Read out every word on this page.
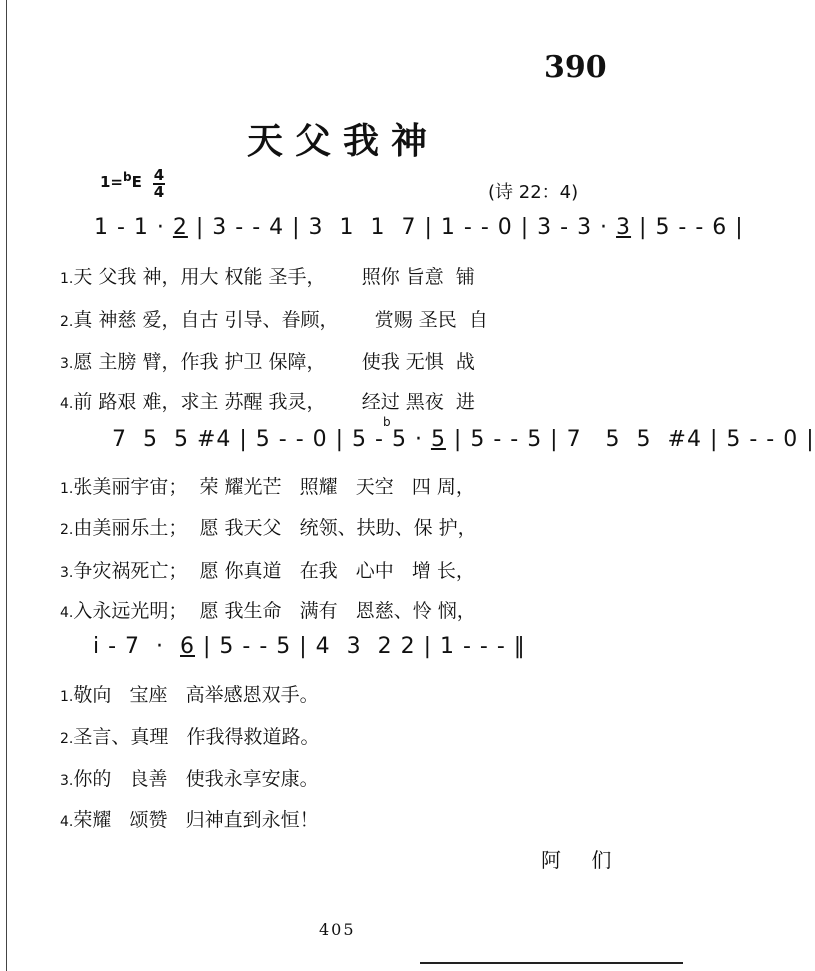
390
天父我神
1=$^b$E 4
4	(诗 22：4)
1 - 1 · 2 | 3 - - 4 | 3  1  1  7 | 1 - - 0 | 3 - 3 · 3 | 5 - - 6 |
1.天 父我 神，用大 权能 圣手，      照你 旨意  铺
2.真 神慈 爱，自古 引导、眷顾，      赏赐 圣民  自
3.愿 主膀 臂，作我 护卫 保障，      使我 无惧  战
4.前 路艰 难，求主 苏醒 我灵，      经过 黑夜  进
b
7  5  5 #4 | 5 - - 0 | 5 - 5 · 5 | 5 - - 5 | 7   5  5  #4 | 5 - - 0 |
1.张美丽宇宙；  荣 耀光芒   照耀   天空   四 周，
2.由美丽乐土；  愿 我天父   统领、扶助、保 护，
3.争灾祸死亡；  愿 你真道   在我   心中   增 长，
4.入永远光明；  愿 我生命   满有   恩慈、怜 悯，
i - 7  ·  6 | 5 - - 5 | 4  3  2 2 | 1 - - - ‖
1.敬向   宝座   高举感恩双手。
2.圣言、真理   作我得救道路。
3.你的   良善   使我永享安康。
4.荣耀   颂赞   归神直到永恒！
阿 们
405
